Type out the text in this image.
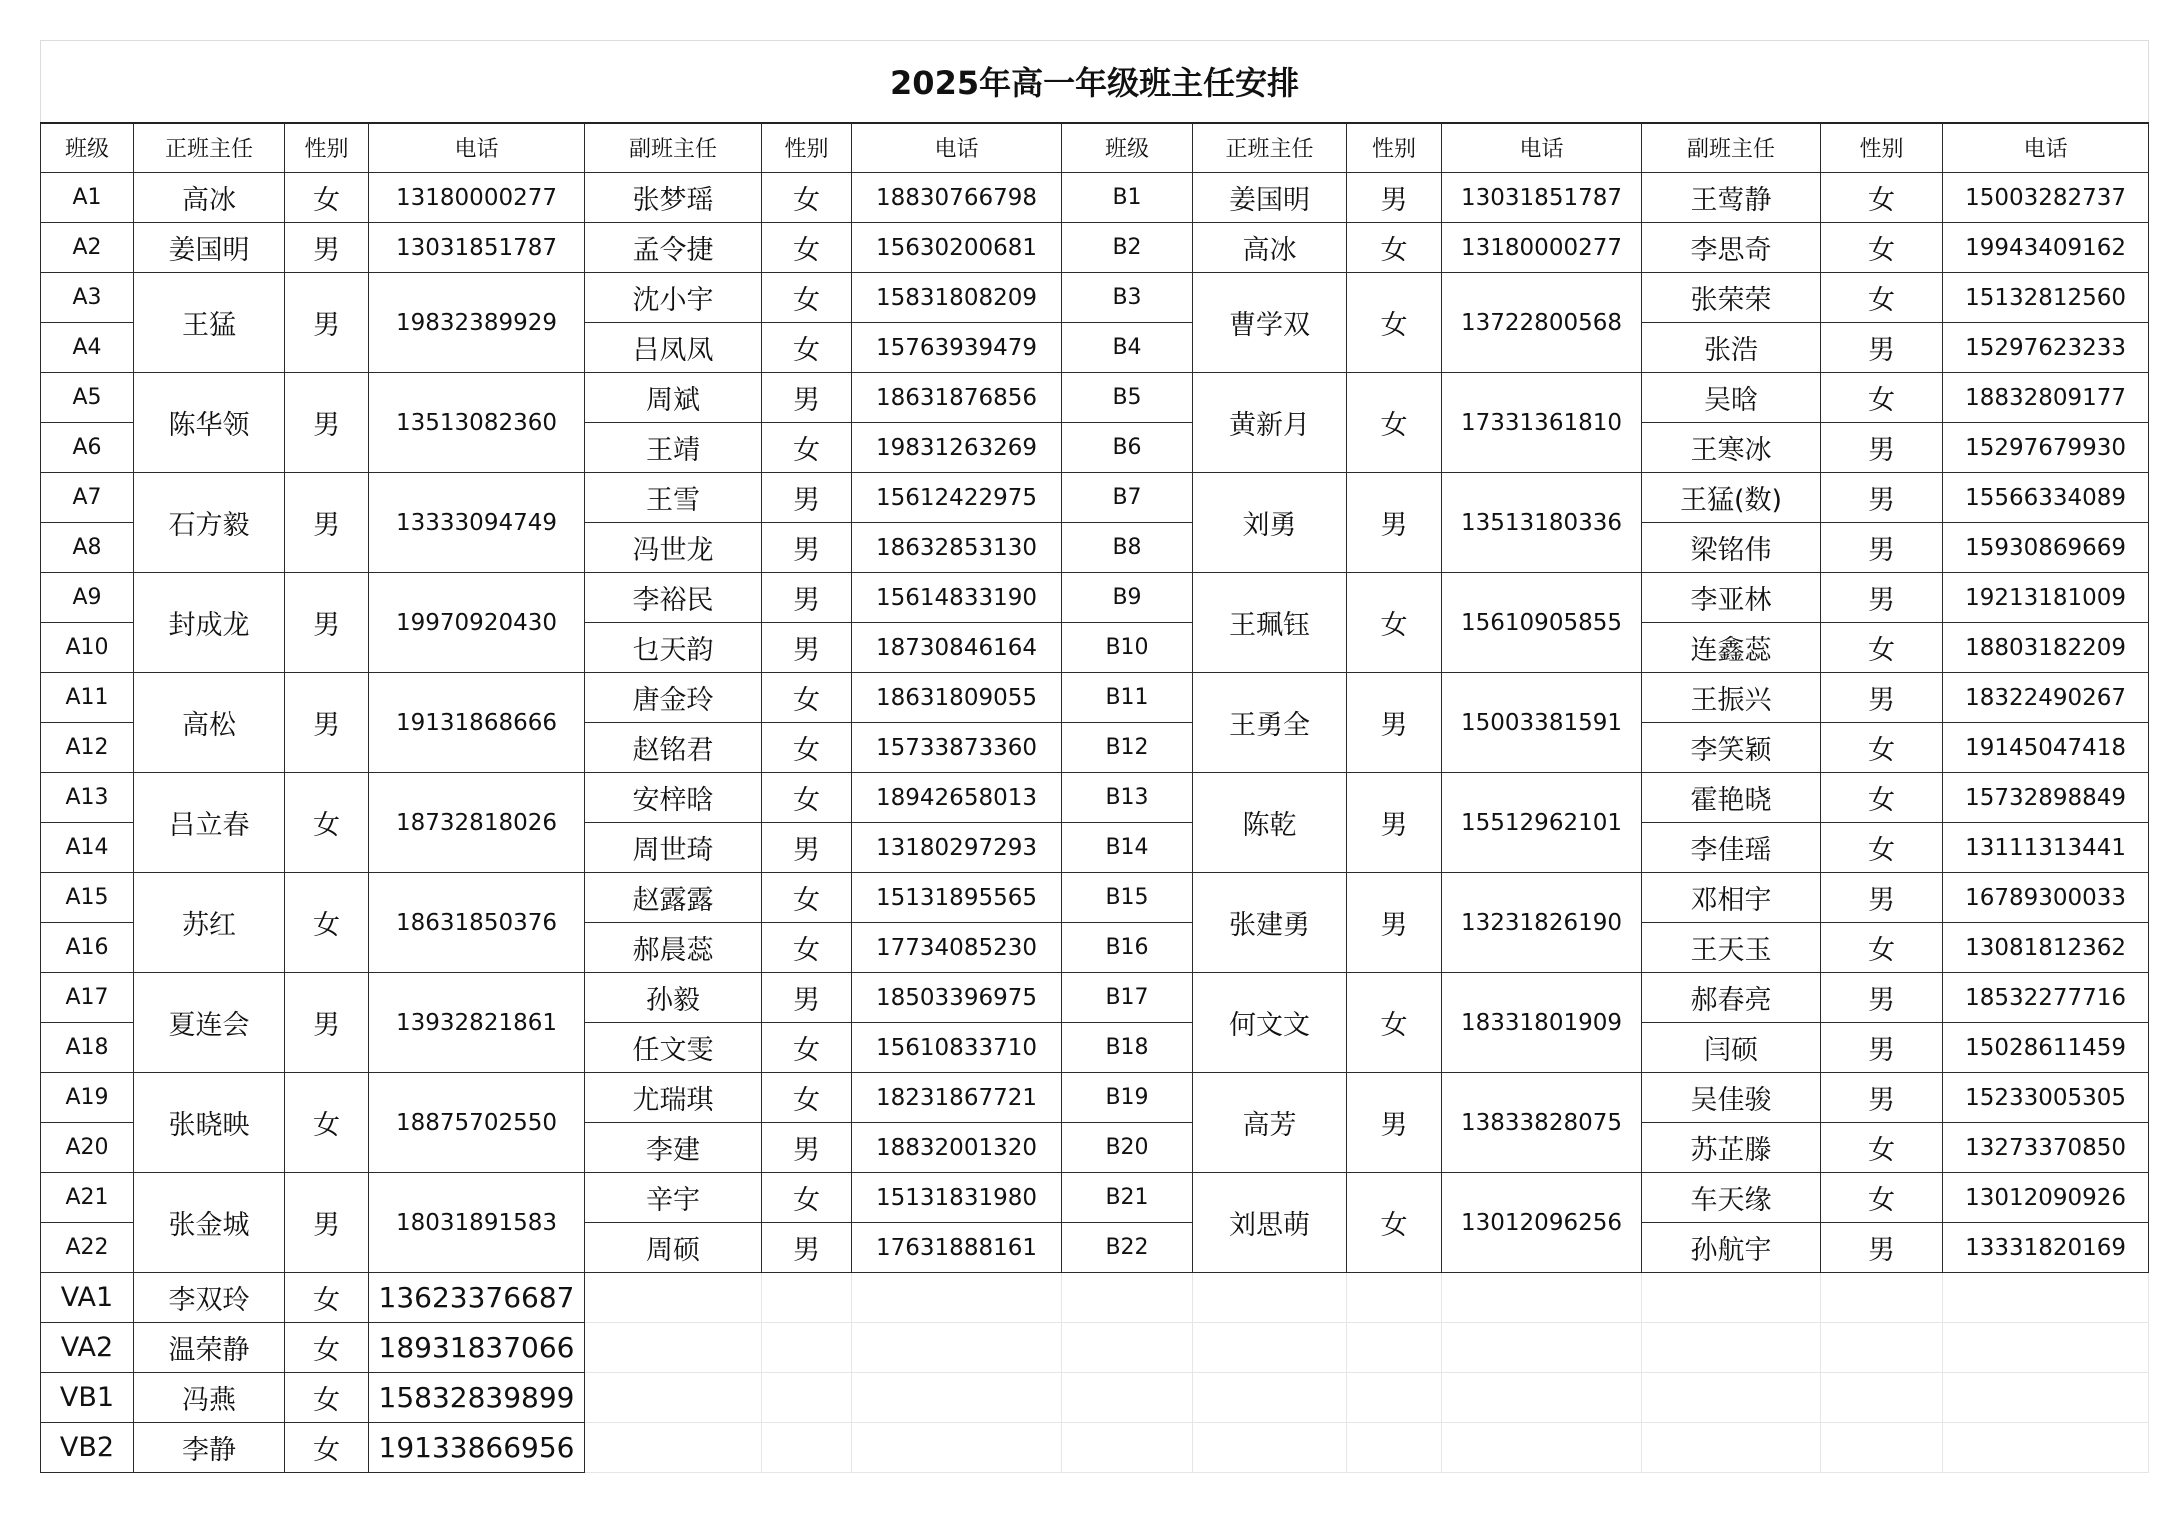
2025年高一年级班主任安排													
班级	正班主任	性别	电话	副班主任	性别	电话	班级	正班主任	性别	电话	副班主任	性别	电话
A1	高冰	女	13180000277	张梦瑶	女	18830766798	B1	姜国明	男	13031851787	王莺静	女	15003282737
A2	姜国明	男	13031851787	孟令捷	女	15630200681	B2	高冰	女	13180000277	李思奇	女	19943409162
A3	王猛	男	19832389929	沈小宇	女	15831808209	B3	曹学双	女	13722800568	张荣荣	女	15132812560
A4				吕凤凤	女	15763939479	B4				张浩	男	15297623233
A5	陈华领	男	13513082360	周斌	男	18631876856	B5	黄新月	女	17331361810	吴晗	女	18832809177
A6				王靖	女	19831263269	B6				王寒冰	男	15297679930
A7	石方毅	男	13333094749	王雪	男	15612422975	B7	刘勇	男	13513180336	王猛(数)	男	15566334089
A8				冯世龙	男	18632853130	B8				梁铭伟	男	15930869669
A9	封成龙	男	19970920430	李裕民	男	15614833190	B9	王珮钰	女	15610905855	李亚林	男	19213181009
A10				乜天韵	男	18730846164	B10				连鑫蕊	女	18803182209
A11	高松	男	19131868666	唐金玲	女	18631809055	B11	王勇全	男	15003381591	王振兴	男	18322490267
A12				赵铭君	女	15733873360	B12				李笑颖	女	19145047418
A13	吕立春	女	18732818026	安梓晗	女	18942658013	B13	陈乾	男	15512962101	霍艳晓	女	15732898849
A14				周世琦	男	13180297293	B14				李佳瑶	女	13111313441
A15	苏红	女	18631850376	赵露露	女	15131895565	B15	张建勇	男	13231826190	邓相宇	男	16789300033
A16				郝晨蕊	女	17734085230	B16				王天玉	女	13081812362
A17	夏连会	男	13932821861	孙毅	男	18503396975	B17	何文文	女	18331801909	郝春亮	男	18532277716
A18				任文雯	女	15610833710	B18				闫硕	男	15028611459
A19	张晓映	女	18875702550	尤瑞琪	女	18231867721	B19	高芳	男	13833828075	吴佳骏	男	15233005305
A20				李建	男	18832001320	B20				苏芷滕	女	13273370850
A21	张金城	男	18031891583	辛宇	女	15131831980	B21	刘思萌	女	13012096256	车天缘	女	13012090926
A22				周硕	男	17631888161	B22				孙航宇	男	13331820169
VA1	李双玲	女	13623376687										
VA2	温荣静	女	18931837066										
VB1	冯燕	女	15832839899										
VB2	李静	女	19133866956										
